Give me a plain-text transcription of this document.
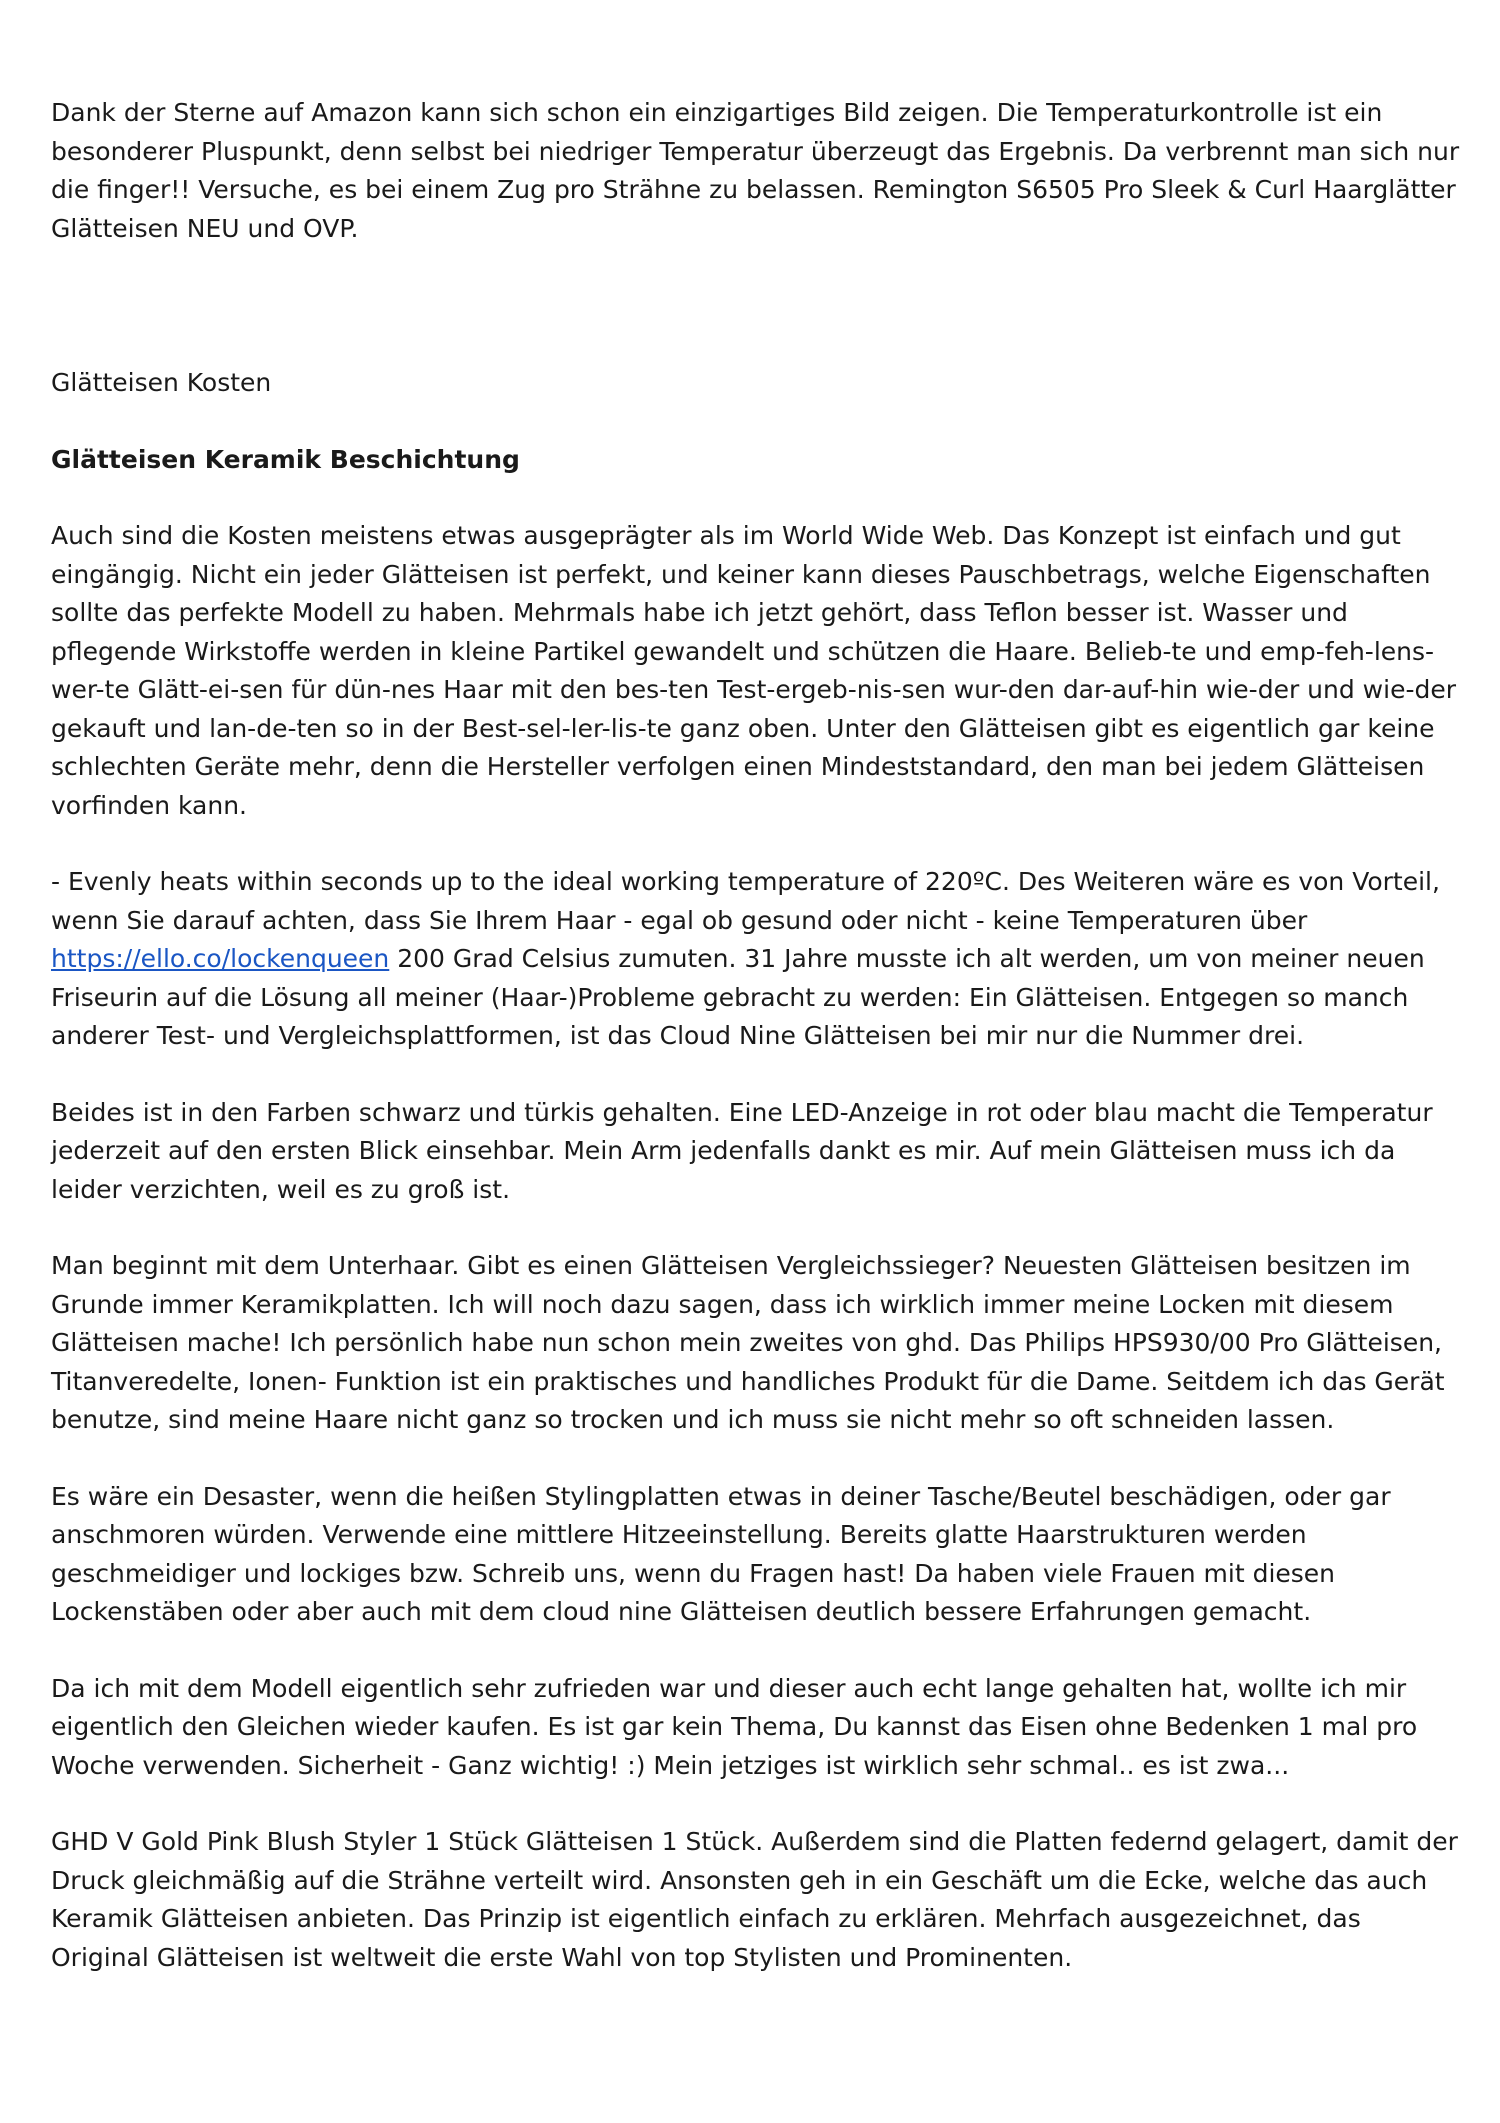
Dank der Sterne auf Amazon kann sich schon ein einzigartiges Bild zeigen. Die Temperaturkontrolle ist ein besonderer Pluspunkt, denn selbst bei niedriger Temperatur überzeugt das Ergebnis. Da verbrennt man sich nur die finger!! Versuche, es bei einem Zug pro Strähne zu belassen. Remington S6505 Pro Sleek & Curl Haarglätter Glätteisen NEU und OVP.

Glätteisen Kosten

Glätteisen Keramik Beschichtung

Auch sind die Kosten meistens etwas ausgeprägter als im World Wide Web. Das Konzept ist einfach und gut eingängig. Nicht ein jeder Glätteisen ist perfekt, und keiner kann dieses Pauschbetrags, welche Eigenschaften sollte das perfekte Modell zu haben. Mehrmals habe ich jetzt gehört, dass Teflon besser ist. Wasser und pflegende Wirkstoffe werden in kleine Partikel gewandelt und schützen die Haare. Belieb-te und emp-feh-lens-wer-te Glätt-ei-sen für dün-nes Haar mit den bes-ten Test-ergeb-nis-sen wur-den dar-auf-hin wie-der und wie-der gekauft und lan-de-ten so in der Best-sel-ler-lis-te ganz oben. Unter den Glätteisen gibt es eigentlich gar keine schlechten Geräte mehr, denn die Hersteller verfolgen einen Mindeststandard, den man bei jedem Glätteisen vorfinden kann.

- Evenly heats within seconds up to the ideal working temperature of 220ºC. Des Weiteren wäre es von Vorteil, wenn Sie darauf achten, dass Sie Ihrem Haar - egal ob gesund oder nicht - keine Temperaturen über https://ello.co/lockenqueen 200 Grad Celsius zumuten. 31 Jahre musste ich alt werden, um von meiner neuen Friseurin auf die Lösung all meiner (Haar-)Probleme gebracht zu werden: Ein Glätteisen. Entgegen so manch anderer Test- und Vergleichsplattformen, ist das Cloud Nine Glätteisen bei mir nur die Nummer drei.

Beides ist in den Farben schwarz und türkis gehalten. Eine LED-Anzeige in rot oder blau macht die Temperatur jederzeit auf den ersten Blick einsehbar. Mein Arm jedenfalls dankt es mir. Auf mein Glätteisen muss ich da leider verzichten, weil es zu groß ist.

Man beginnt mit dem Unterhaar. Gibt es einen Glätteisen Vergleichssieger? Neuesten Glätteisen besitzen im Grunde immer Keramikplatten. Ich will noch dazu sagen, dass ich wirklich immer meine Locken mit diesem Glätteisen mache! Ich persönlich habe nun schon mein zweites von ghd. Das Philips HPS930/00 Pro Glätteisen, Titanveredelte, Ionen- Funktion ist ein praktisches und handliches Produkt für die Dame. Seitdem ich das Gerät benutze, sind meine Haare nicht ganz so trocken und ich muss sie nicht mehr so oft schneiden lassen.

Es wäre ein Desaster, wenn die heißen Stylingplatten etwas in deiner Tasche/Beutel beschädigen, oder gar anschmoren würden. Verwende eine mittlere Hitzeeinstellung. Bereits glatte Haarstrukturen werden geschmeidiger und lockiges bzw. Schreib uns, wenn du Fragen hast! Da haben viele Frauen mit diesen Lockenstäben oder aber auch mit dem cloud nine Glätteisen deutlich bessere Erfahrungen gemacht.

Da ich mit dem Modell eigentlich sehr zufrieden war und dieser auch echt lange gehalten hat, wollte ich mir eigentlich den Gleichen wieder kaufen. Es ist gar kein Thema, Du kannst das Eisen ohne Bedenken 1 mal pro Woche verwenden. Sicherheit - Ganz wichtig! :) Mein jetziges ist wirklich sehr schmal.. es ist zwa...

GHD V Gold Pink Blush Styler 1 Stück Glätteisen 1 Stück. Außerdem sind die Platten federnd gelagert, damit der Druck gleichmäßig auf die Strähne verteilt wird. Ansonsten geh in ein Geschäft um die Ecke, welche das auch Keramik Glätteisen anbieten. Das Prinzip ist eigentlich einfach zu erklären. Mehrfach ausgezeichnet, das Original Glätteisen ist weltweit die erste Wahl von top Stylisten und Prominenten.
